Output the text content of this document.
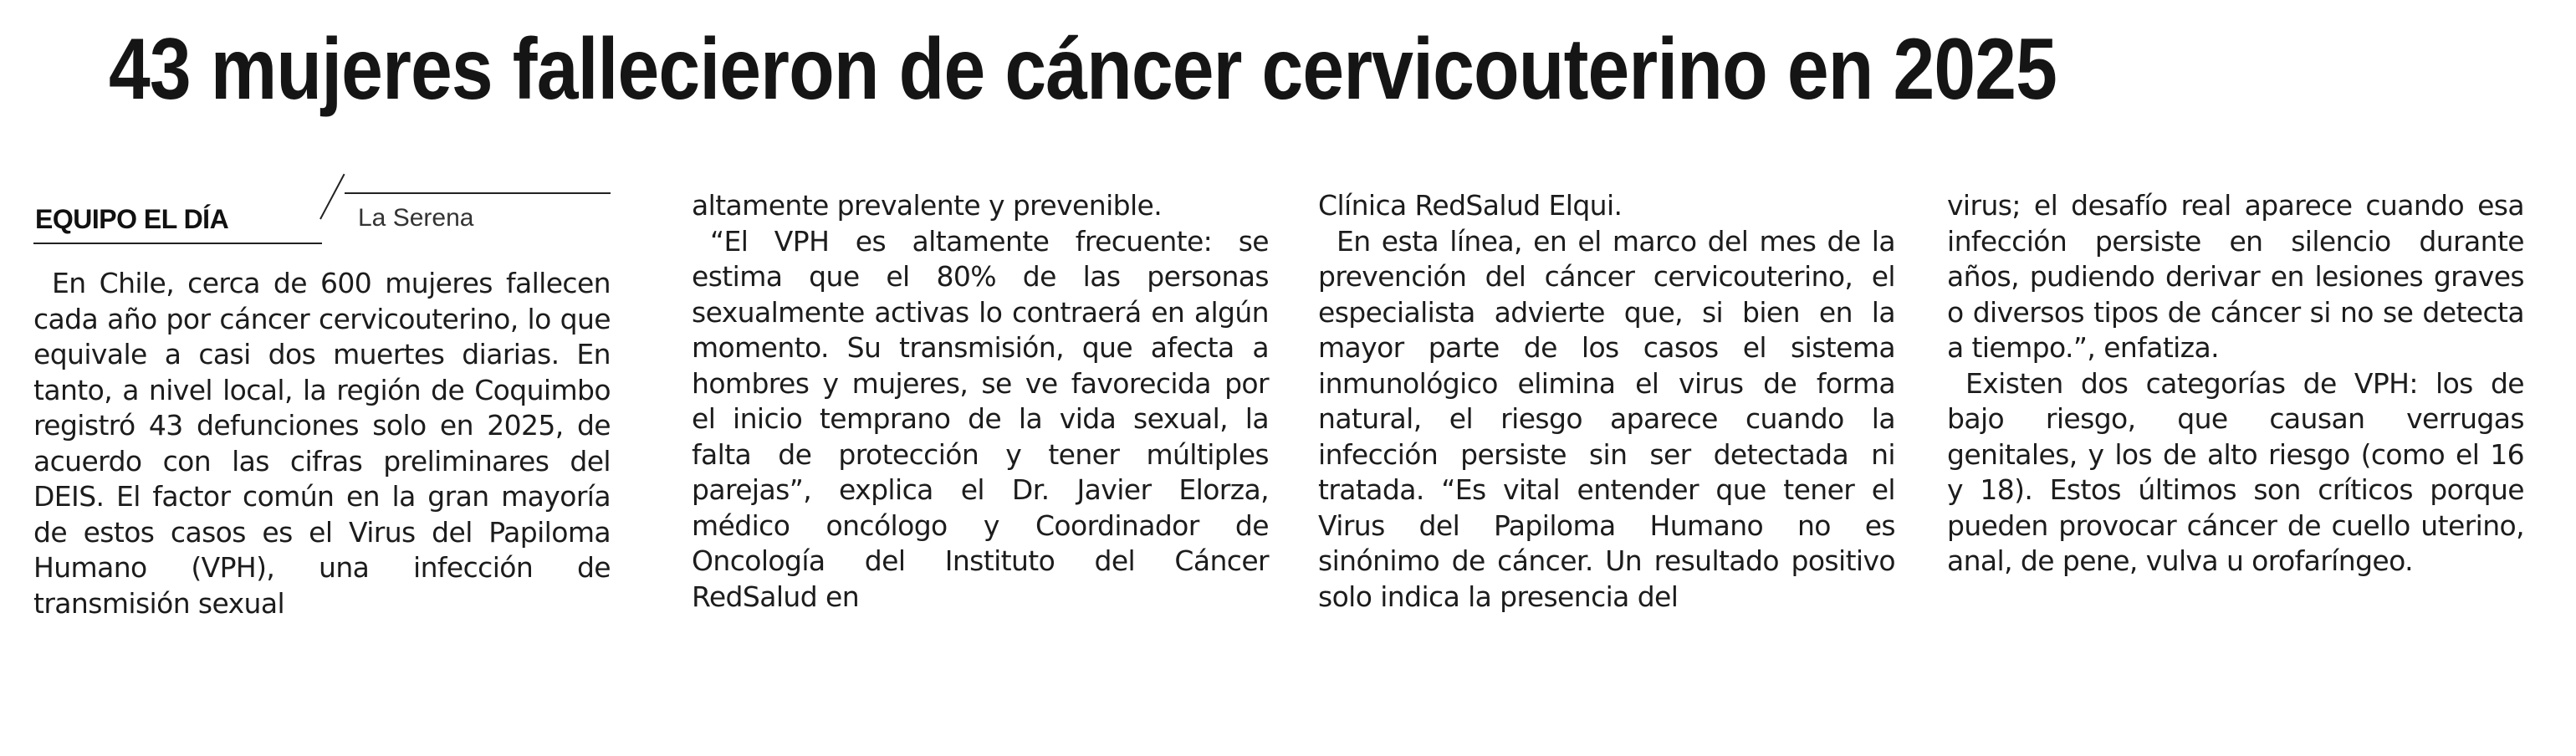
43 mujeres fallecieron de cáncer cervicouterino en 2025
EQUIPO EL DÍA	La Serena

En Chile, cerca de 600 mujeres fallecen cada año por cáncer cervicouterino, lo que equivale a casi dos muertes diarias. En tanto, a nivel local, la región de Coquimbo registró 43 defunciones solo en 2025, de acuerdo con las cifras preliminares del DEIS. El factor común en la gran mayoría de estos casos es el Virus del Papiloma Humano (VPH), una infección de transmisión sexual

altamente prevalente y prevenible.

“El VPH es altamente frecuente: se estima que el 80% de las personas sexualmente activas lo contraerá en algún momento. Su transmisión, que afecta a hombres y mujeres, se ve favorecida por el inicio temprano de la vida sexual, la falta de protección y tener múltiples parejas”, explica el Dr. Javier Elorza, médico oncólogo y Coordinador de Oncología del Instituto del Cáncer RedSalud en

Clínica RedSalud Elqui.

En esta línea, en el marco del mes de la prevención del cáncer cervicouterino, el especialista advierte que, si bien en la mayor parte de los casos el sistema inmunológico elimina el virus de forma natural, el riesgo aparece cuando la infección persiste sin ser detectada ni tratada. “Es vital entender que tener el Virus del Papiloma Humano no es sinónimo de cáncer. Un resultado positivo solo indica la presencia del

virus; el desafío real aparece cuando esa infección persiste en silencio durante años, pudiendo derivar en lesiones graves o diversos tipos de cáncer si no se detecta a tiempo.”, enfatiza.

Existen dos categorías de VPH: los de bajo riesgo, que causan verrugas genitales, y los de alto riesgo (como el 16 y 18). Estos últimos son críticos porque pueden provocar cáncer de cuello uterino, anal, de pene, vulva u orofaríngeo.
